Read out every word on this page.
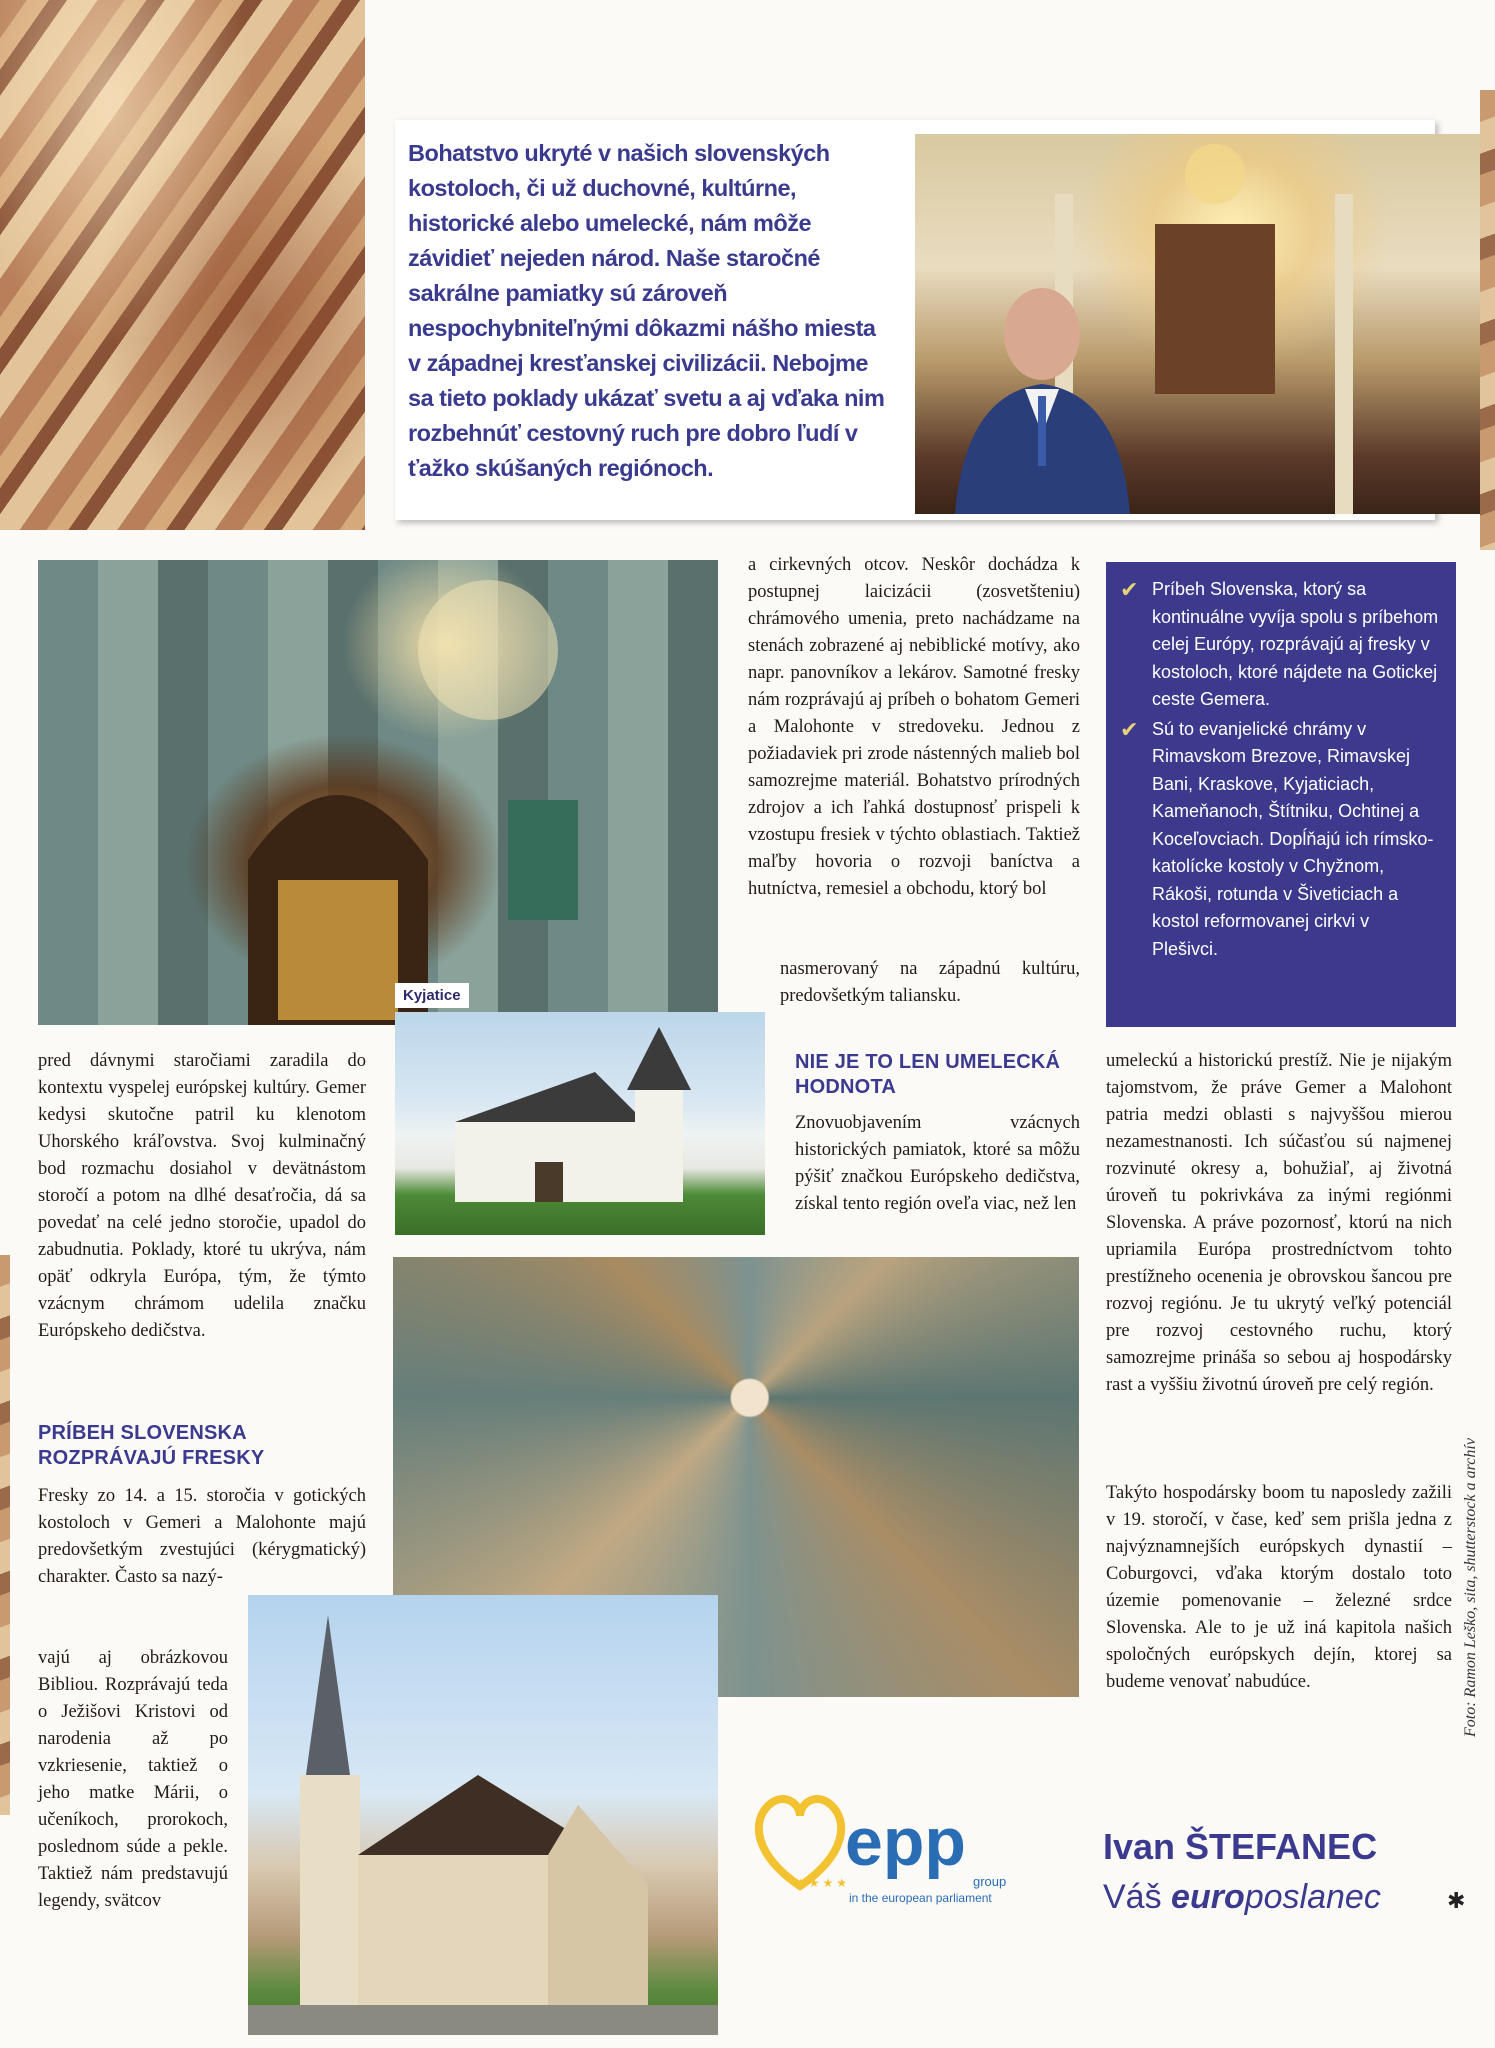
Bohatstvo ukryté v našich slovenských kostoloch, či už duchovné, kultúrne, historické alebo umelecké, nám môže závidieť nejeden národ. Naše staročné sakrálne pamiatky sú zároveň nespochybniteľnými dôkazmi nášho miesta v západnej kresťanskej civilizácii. Nebojme sa tieto poklady ukázať svetu a aj vďaka nim rozbehnúť cestovný ruch pre dobro ľudí v ťažko skúšaných regiónoch.
Kyjatice
a cirkevných otcov. Neskôr dochádza k postupnej laicizácii (zosvetšteniu) chrámového umenia, preto nachádzame na stenách zobrazené aj nebiblické motívy, ako napr. panovníkov a lekárov. Samotné fresky nám rozprávajú aj príbeh o bohatom Gemeri a Malohonte v stredoveku. Jednou z požiadaviek pri zrode nástenných malieb bol samozrejme materiál. Bohatstvo prírodných zdrojov a ich ľahká dostupnosť prispeli k vzostupu fresiek v týchto oblastiach. Taktiež maľby hovoria o rozvoji baníctva a hutníctva, remesiel a obchodu, ktorý bol
nasmerovaný na západnú kultúru, predovšetkým taliansku.
✔ Príbeh Slovenska, ktorý sa kontinuálne vyvíja spolu s príbehom celej Európy, rozprávajú aj fresky v kostoloch, ktoré nájdete na Gotickej ceste Gemera.
✔ Sú to evanjelické chrámy v Rimavskom Brezove, Rimavskej Bani, Kraskove, Kyjaticiach, Kameňanoch, Štítniku, Ochtinej a Koceľovciach. Dopĺňajú ich rímsko-katolícke kostoly v Chyžnom, Rákoši, rotunda v Šiveticiach a kostol reformovanej cirkvi v Plešivci.
pred dávnymi staročiami zaradila do kontextu vyspelej európskej kultúry. Gemer kedysi skutočne patril ku klenotom Uhorského kráľovstva. Svoj kulminačný bod rozmachu dosiahol v devätnástom storočí a potom na dlhé desaťročia, dá sa povedať na celé jedno storočie, upadol do zabudnutia. Poklady, ktoré tu ukrýva, nám opäť odkryla Európa, tým, že týmto vzácnym chrámom udelila značku Európskeho dedičstva.
PRÍBEH SLOVENSKA
ROZPRÁVAJÚ FRESKY
Fresky zo 14. a 15. storočia v gotických kostoloch v Gemeri a Malohonte majú predovšetkým zvestujúci (kérygmatický) charakter. Často sa nazý-
vajú aj obrázkovou Bibliou. Rozprávajú teda o Ježišovi Kristovi od narodenia až po vzkriesenie, taktiež o jeho matke Márii, o učeníkoch, prorokoch, poslednom súde a pekle. Taktiež nám predstavujú legendy, svätcov
NIE JE TO LEN UMELECKÁ
HODNOTA
Znovuobjavením vzácnych historických pamiatok, ktoré sa môžu pýšiť značkou Európskeho dedičstva, získal tento región oveľa viac, než len
umeleckú a historickú prestíž. Nie je nijakým tajomstvom, že práve Gemer a Malohont patria medzi oblasti s najvyššou mierou nezamestnanosti. Ich súčasťou sú najmenej rozvinuté okresy a, bohužiaľ, aj životná úroveň tu pokrivkáva za inými regiónmi Slovenska. A práve pozornosť, ktorú na nich upriamila Európa prostredníctvom tohto prestížneho ocenenia je obrovskou šancou pre rozvoj regiónu. Je tu ukrytý veľký potenciál pre rozvoj cestovného ruchu, ktorý samozrejme prináša so sebou aj hospodársky rast a vyššiu životnú úroveň pre celý región.
Takýto hospodársky boom tu naposledy zažili v 19. storočí, v čase, keď sem prišla jedna z najvýznamnejších európskych dynastií – Coburgovci, vďaka ktorým dostalo toto územie pomenovanie – železné srdce Slovenska. Ale to je už iná kapitola našich spoločných európskych dejín, ktorej sa budeme venovať nabudúce.	Foto: Ramon Leško, sita, shutterstock a archív
epp
group
in the european parliament
★ ★ ★ ★
Ivan ŠTEFANEC
Váš europoslanec	✱
